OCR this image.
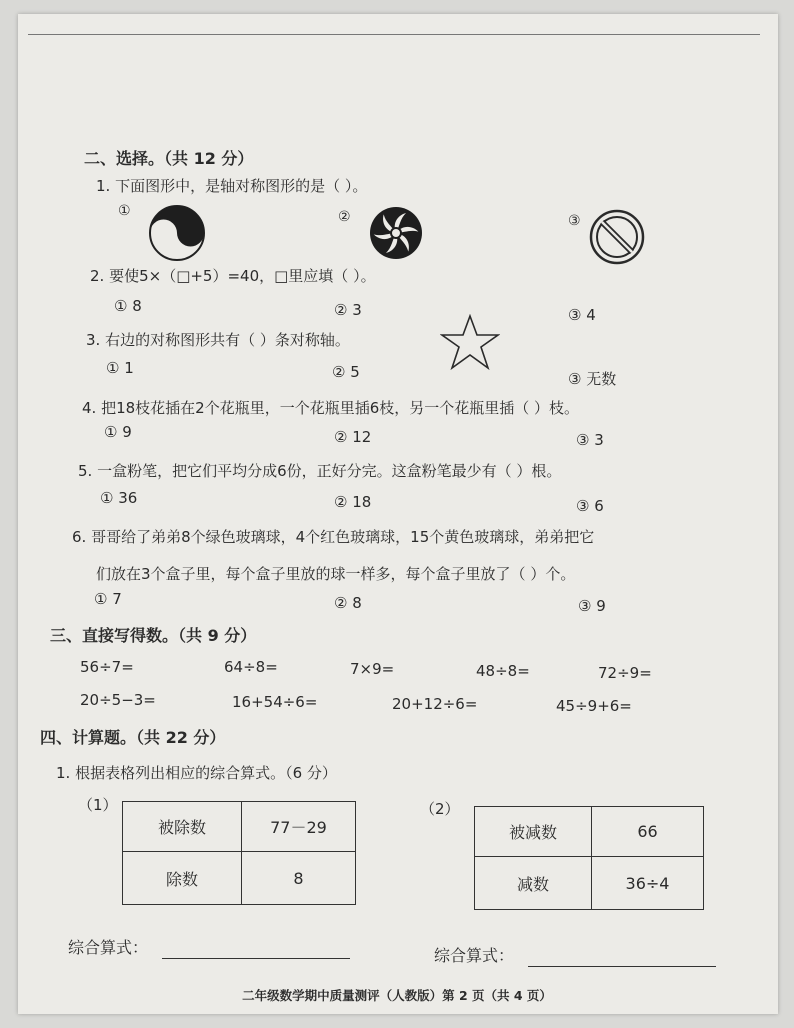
二、选择。（共 12 分）
1. 下面图形中，是轴对称图形的是（ ）。
①	②	③
2. 要使5×（□+5）=40，□里应填（ ）。
① 8	② 3	③ 4
3. 右边的对称图形共有（ ）条对称轴。
① 1	② 5	③ 无数
4. 把18枝花插在2个花瓶里，一个花瓶里插6枝，另一个花瓶里插（ ）枝。
① 9	② 12	③ 3
5. 一盒粉笔，把它们平均分成6份，正好分完。这盒粉笔最少有（ ）根。
① 36	② 18	③ 6
6. 哥哥给了弟弟8个绿色玻璃球，4个红色玻璃球，15个黄色玻璃球，弟弟把它
们放在3个盒子里，每个盒子里放的球一样多，每个盒子里放了（ ）个。
① 7	② 8	③ 9
三、直接写得数。（共 9 分）
56÷7=	64÷8=	7×9=	48÷8=	72÷9=
20÷5−3=	16+54÷6=	20+12÷6=	45÷9+6=
四、计算题。（共 22 分）
1. 根据表格列出相应的综合算式。（6 分）
（1）
被除数	77－29
除数	8
（2）
被减数	66
减数	36÷4
综合算式：	综合算式：
二年级数学期中质量测评（人教版）第 2 页（共 4 页）
